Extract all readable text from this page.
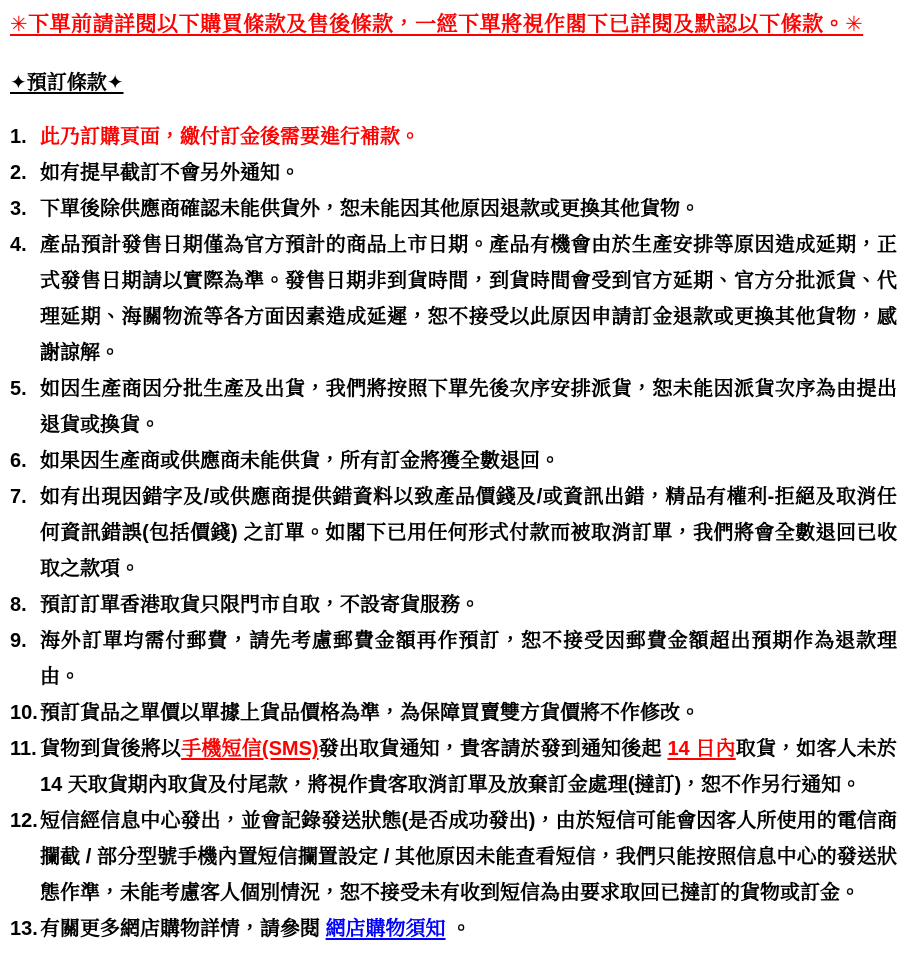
✳下單前請詳閱以下購買條款及售後條款，一經下單將視作閣下已詳閱及默認以下條款。✳

✦預訂條款✦

1. 此乃訂購頁面，繳付訂金後需要進行補款。
2. 如有提早截訂不會另外通知。
3. 下單後除供應商確認未能供貨外，恕未能因其他原因退款或更換其他貨物。
4. 產品預計發售日期僅為官方預計的商品上市日期。產品有機會由於生產安排等原因造成延期，正式發售日期請以實際為準。發售日期非到貨時間，到貨時間會受到官方延期、官方分批派貨、代理延期、海關物流等各方面因素造成延遲，恕不接受以此原因申請訂金退款或更換其他貨物，感謝諒解。
5. 如因生產商因分批生產及出貨，我們將按照下單先後次序安排派貨，恕未能因派貨次序為由提出退貨或換貨。
6. 如果因生產商或供應商未能供貨，所有訂金將獲全數退回。
7. 如有出現因錯字及/或供應商提供錯資料以致產品價錢及/或資訊出錯，精品有權利-拒絕及取消任何資訊錯誤(包括價錢) 之訂單。如閣下已用任何形式付款而被取消訂單，我們將會全數退回已收取之款項。
8. 預訂訂單香港取貨只限門市自取，不設寄貨服務。
9. 海外訂單均需付郵費，請先考慮郵費金額再作預訂，恕不接受因郵費金額超出預期作為退款理由。
10. 預訂貨品之單價以單據上貨品價格為準，為保障買賣雙方貨價將不作修改。
11. 貨物到貨後將以手機短信(SMS)發出取貨通知，貴客請於發到通知後起 14 日內取貨，如客人未於 14 天取貨期內取貨及付尾款，將視作貴客取消訂單及放棄訂金處理(撻訂)，恕不作另行通知。
12. 短信經信息中心發出，並會記錄發送狀態(是否成功發出)，由於短信可能會因客人所使用的電信商攔截 / 部分型號手機內置短信攔置設定 / 其他原因未能查看短信，我們只能按照信息中心的發送狀態作準，未能考慮客人個別情況，恕不接受未有收到短信為由要求取回已撻訂的貨物或訂金。
13. 有關更多網店購物詳情，請參閱 網店購物須知 。
